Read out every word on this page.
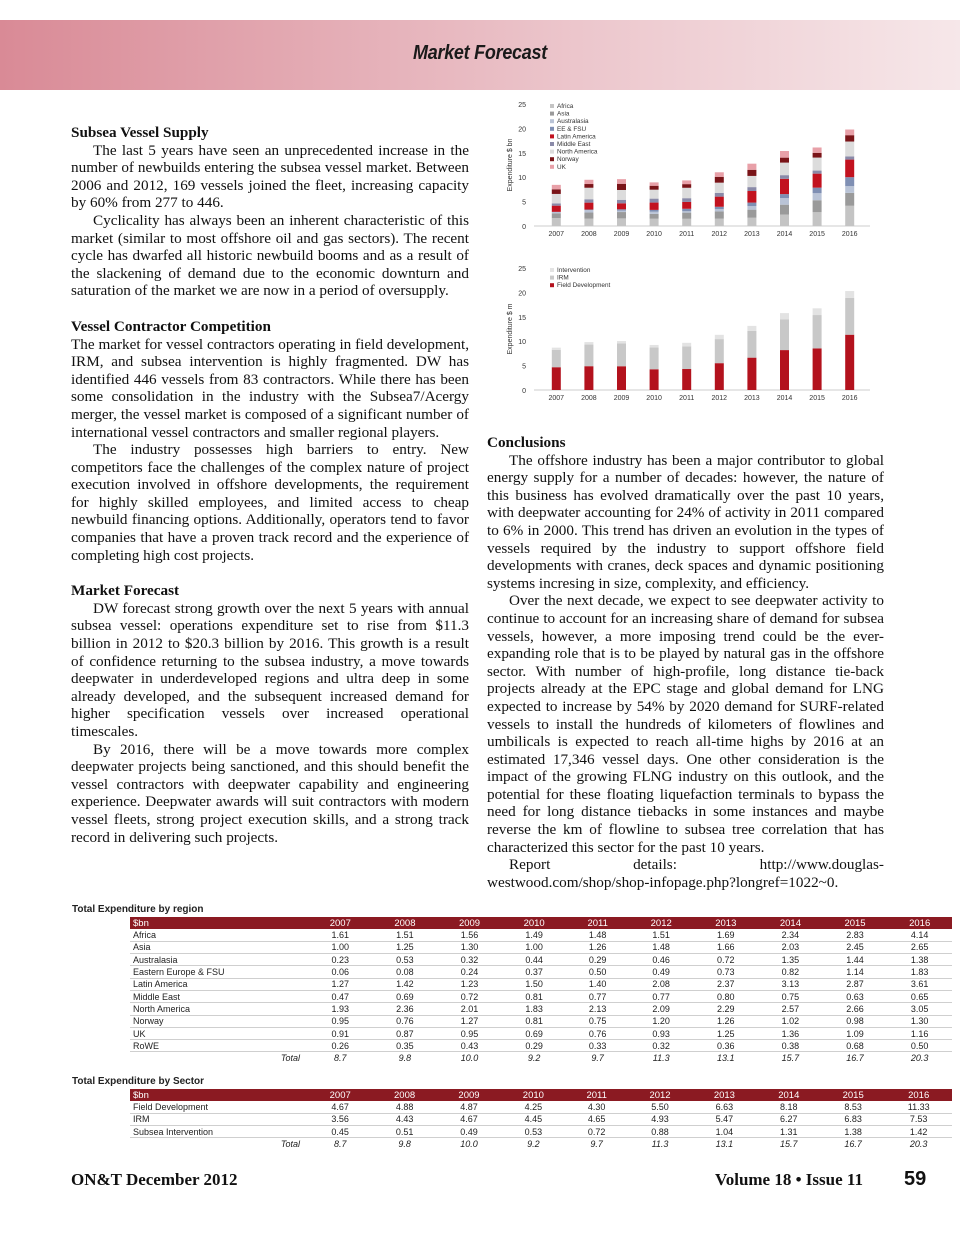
Market Forecast
Subsea Vessel Supply

The last 5 years have seen an unprecedented increase in the number of newbuilds entering the subsea vessel market. Between 2006 and 2012, 169 vessels joined the fleet, increasing capacity by 60% from 277 to 446.

Cyclicality has always been an inherent characteristic of this market (similar to most offshore oil and gas sectors). The recent cycle has dwarfed all historic newbuild booms and as a result of the slackening of demand due to the economic downturn and saturation of the market we are now in a period of oversupply.

Vessel Contractor Competition

The market for vessel contractors operating in field development, IRM, and subsea intervention is highly fragmented. DW has identified 446 vessels from 83 contractors. While there has been some consolidation in the industry with the Subsea7/Acergy merger, the vessel market is composed of a significant number of international vessel contractors and smaller regional players.

The industry possesses high barriers to entry. New competitors face the challenges of the complex nature of project execution involved in offshore developments, the requirement for highly skilled employees, and limited access to cheap newbuild financing options. Additionally, operators tend to favor companies that have a proven track record and the experience of completing high cost projects.

Market Forecast

DW forecast strong growth over the next 5 years with annual subsea vessel: operations expenditure set to rise from $11.3 billion in 2012 to $20.3 billion by 2016. This growth is a result of confidence returning to the subsea industry, a move towards deepwater in underdeveloped regions and ultra deep in some already developed, and the subsequent increased demand for higher specification vessels over increased operational timescales.

By 2016, there will be a move towards more complex deepwater projects being sanctioned, and this should benefit the vessel contractors with deepwater capability and engineering experience. Deepwater awards will suit contractors with modern vessel fleets, strong project execution skills, and a strong track record in delivering such projects.

0
5
10
15
20
25
Expenditure $ bn
2007 2008 2009 2010 2011 2012 2013 2014 2015 2016
Africa
Asia
Australasia
EE & FSU
Latin America
Middle East
North America
Norway
UK
0
5
10
15
20
25
Expenditure $ m
2007 2008 2009 2010 2011 2012 2013 2014 2015 2016
Intervention
IRM
Field Development
Conclusions

The offshore industry has been a major contributor to global energy supply for a number of decades: however, the nature of this business has evolved dramatically over the past 10 years, with deepwater accounting for 24% of activity in 2011 compared to 6% in 2000. This trend has driven an evolution in the types of vessels required by the industry to support offshore field developments with cranes, deck spaces and dynamic positioning systems incresing in size, complexity, and efficiency.

Over the next decade, we expect to see deepwater activity to continue to account for an increasing share of demand for subsea vessels, however, a more imposing trend could be the ever-expanding role that is to be played by natural gas in the offshore sector. With number of high-profile, long distance tie-back projects already at the EPC stage and global demand for LNG expected to increase by 54% by 2020 demand for SURF-related vessels to install the hundreds of kilometers of flowlines and umbilicals is expected to reach all-time highs by 2016 at an estimated 17,346 vessel days. One other consideration is the impact of the growing FLNG industry on this outlook, and the potential for these floating liquefaction terminals to bypass the need for long distance tiebacks in some instances and maybe reverse the km of flowline to subsea tree correlation that has characterized this sector for the past 10 years.

Report details: http://www.douglas-westwood.com/shop/shop-infopage.php?longref=1022~0.

Total Expenditure by region
$bn	2007	2008	2009	2010	2011	2012	2013	2014	2015	2016
Africa	1.61	1.51	1.56	1.49	1.48	1.51	1.69	2.34	2.83	4.14
Asia	1.00	1.25	1.30	1.00	1.26	1.48	1.66	2.03	2.45	2.65
Australasia	0.23	0.53	0.32	0.44	0.29	0.46	0.72	1.35	1.44	1.38
Eastern Europe & FSU	0.06	0.08	0.24	0.37	0.50	0.49	0.73	0.82	1.14	1.83
Latin America	1.27	1.42	1.23	1.50	1.40	2.08	2.37	3.13	2.87	3.61
Middle East	0.47	0.69	0.72	0.81	0.77	0.77	0.80	0.75	0.63	0.65
North America	1.93	2.36	2.01	1.83	2.13	2.09	2.29	2.57	2.66	3.05
Norway	0.95	0.76	1.27	0.81	0.75	1.20	1.26	1.02	0.98	1.30
UK	0.91	0.87	0.95	0.69	0.76	0.93	1.25	1.36	1.09	1.16
RoWE	0.26	0.35	0.43	0.29	0.33	0.32	0.36	0.38	0.68	0.50
Total	8.7	9.8	10.0	9.2	9.7	11.3	13.1	15.7	16.7	20.3
Total Expenditure by Sector
$bn	2007	2008	2009	2010	2011	2012	2013	2014	2015	2016
Field Development	4.67	4.88	4.87	4.25	4.30	5.50	6.63	8.18	8.53	11.33
IRM	3.56	4.43	4.67	4.45	4.65	4.93	5.47	6.27	6.83	7.53
Subsea Intervention	0.45	0.51	0.49	0.53	0.72	0.88	1.04	1.31	1.38	1.42
Total	8.7	9.8	10.0	9.2	9.7	11.3	13.1	15.7	16.7	20.3
ON&T December 2012	Volume 18 • Issue 11 59
